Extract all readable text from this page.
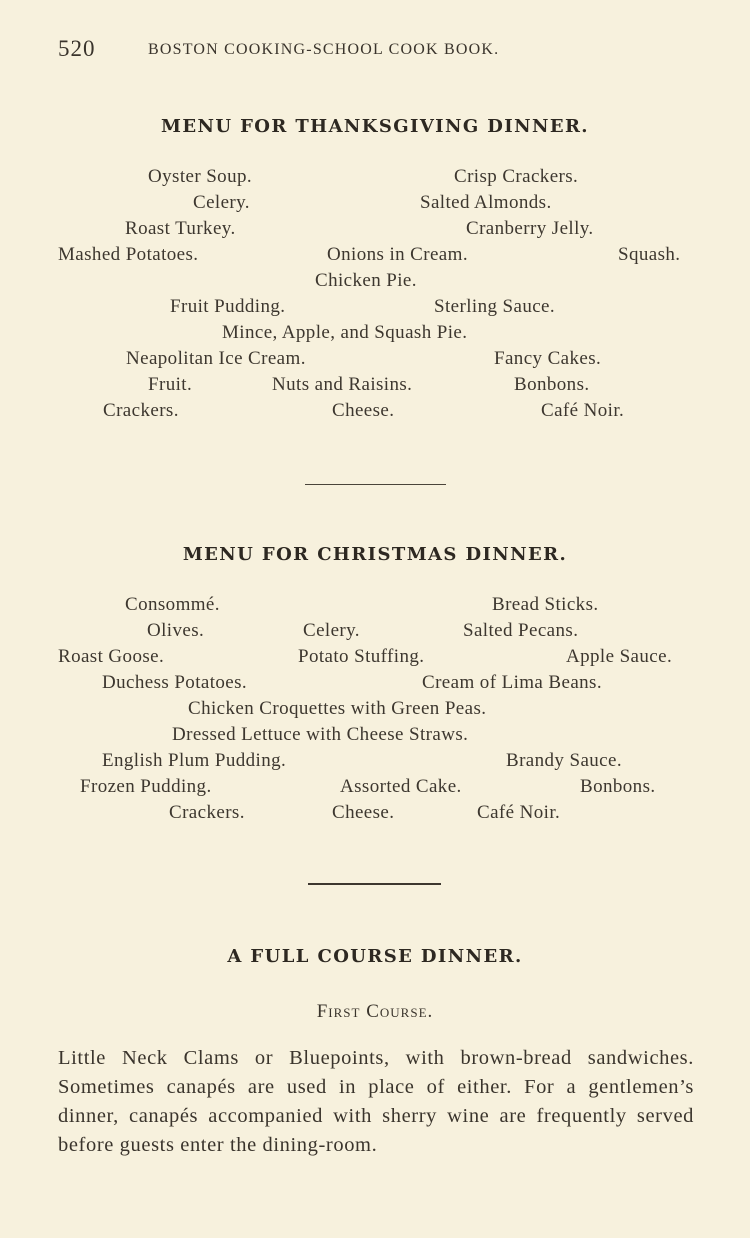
520	BOSTON COOKING-SCHOOL COOK BOOK.
MENU FOR THANKSGIVING DINNER.
Oyster Soup.	Crisp Crackers.
Celery.	Salted Almonds.
Roast Turkey.	Cranberry Jelly.
Mashed Potatoes.	Onions in Cream.	Squash.
Chicken Pie.
Fruit Pudding.	Sterling Sauce.
Mince, Apple, and Squash Pie.
Neapolitan Ice Cream.	Fancy Cakes.
Fruit.	Nuts and Raisins.	Bonbons.
Crackers.	Cheese.	Café Noir.
MENU FOR CHRISTMAS DINNER.
Consommé.	Bread Sticks.
Olives.	Celery.	Salted Pecans.
Roast Goose.	Potato Stuffing.	Apple Sauce.
Duchess Potatoes.	Cream of Lima Beans.
Chicken Croquettes with Green Peas.
Dressed Lettuce with Cheese Straws.
English Plum Pudding.	Brandy Sauce.
Frozen Pudding.	Assorted Cake.	Bonbons.
Crackers.	Cheese.	Café Noir.
A FULL COURSE DINNER.
First Course.
Little Neck Clams or Bluepoints, with brown-bread sandwiches. Sometimes canapés are used in place of either. For a gentlemen’s dinner, canapés accompanied with sherry wine are frequently served before guests enter the dining-room.
